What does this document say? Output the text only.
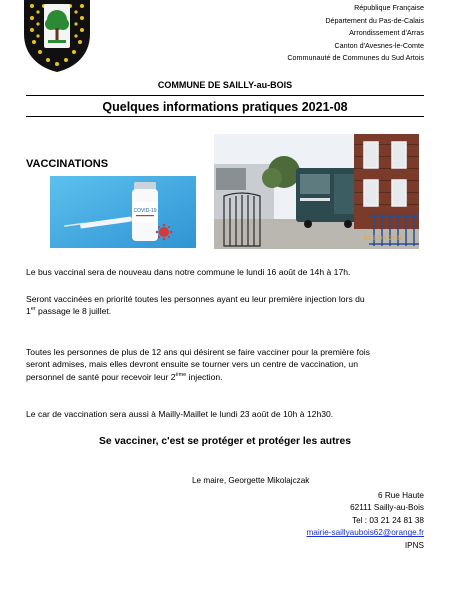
République Française
Département du Pas-de-Calais
Arrondissement d'Arras
Canton d'Avesnes-le-Comte
Communauté de Communes du Sud Artois
COMMUNE DE SAILLY-au-BOIS
Quelques informations pratiques 2021-08
VACCINATIONS
COVID-19
02 8 /08 /2021
Le bus vaccinal sera de nouveau dans notre commune le lundi 16 août de 14h à 17h.
Seront vaccinées en priorité toutes les personnes ayant eu leur première injection lors du
1er passage le 8 juillet.
Toutes les personnes de plus de 12 ans qui désirent se faire vacciner pour la première fois
seront admises, mais elles devront ensuite se tourner vers un centre de vaccination, un
personnel de santé pour recevoir leur 2ème injection.
Le car de vaccination sera aussi à Mailly-Maillet le lundi 23 août de 10h à 12h30.
Se vacciner, c'est se protéger et protéger les autres
Le maire, Georgette Mikolajczak
6 Rue Haute
62111 Sailly-au-Bois
Tel : 03 21 24 81 38
mairie-saillyaubois62@orange.fr
IPNS
